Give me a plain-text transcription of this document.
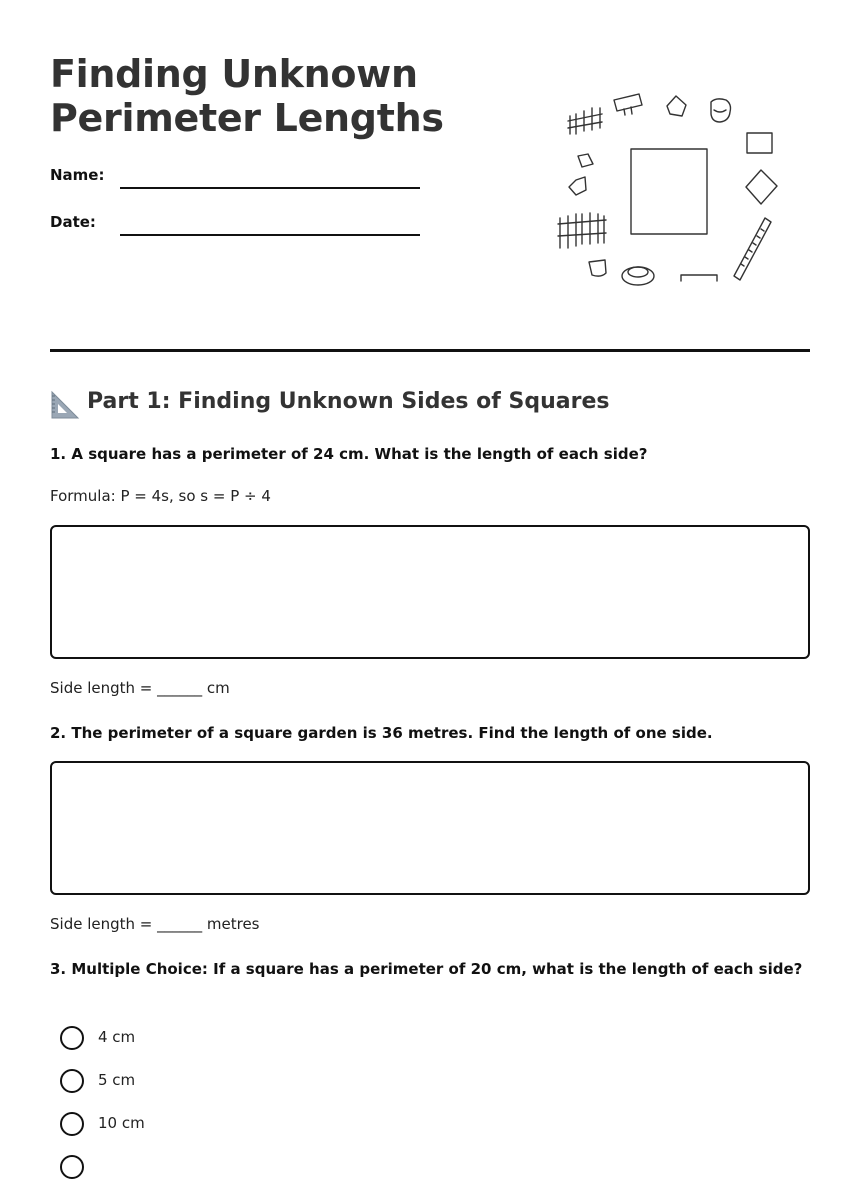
Finding Unknown
Perimeter Lengths
Name:
Date:
Part 1: Finding Unknown Sides of Squares
1. A square has a perimeter of 24 cm. What is the length of each side?
Formula: P = 4s, so s = P ÷ 4
Side length = ______ cm
2. The perimeter of a square garden is 36 metres. Find the length of one side.
Side length = ______ metres
3. Multiple Choice: If a square has a perimeter of 20 cm, what is the length of each side?
4 cm
5 cm
10 cm
